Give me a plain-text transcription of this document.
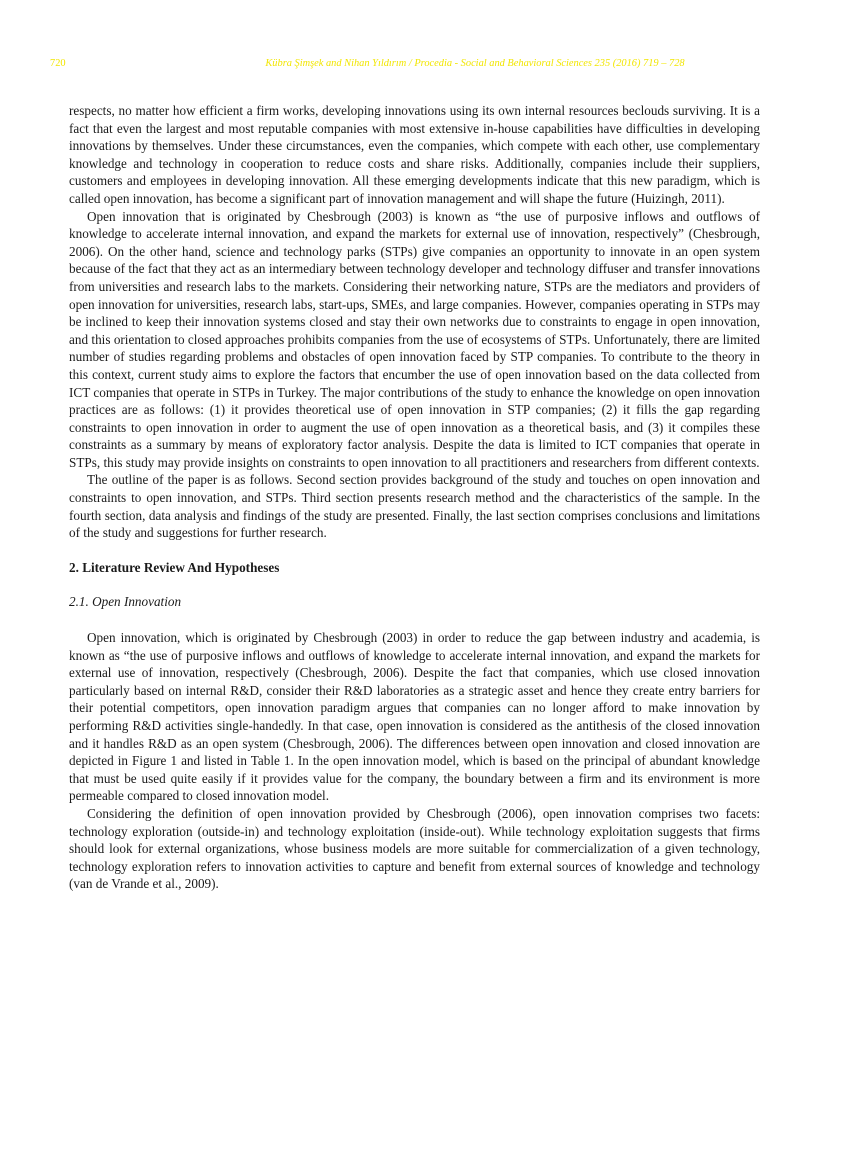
720	Kübra Şimşek and Nihan Yıldırım / Procedia - Social and Behavioral Sciences 235 (2016) 719 – 728

respects, no matter how efficient a firm works, developing innovations using its own internal resources beclouds surviving. It is a fact that even the largest and most reputable companies with most extensive in-house capabilities have difficulties in developing innovations by themselves. Under these circumstances, even the companies, which compete with each other, use complementary knowledge and technology in cooperation to reduce costs and share risks. Additionally, companies include their suppliers, customers and employees in developing innovation. All these emerging developments indicate that this new paradigm, which is called open innovation, has become a significant part of innovation management and will shape the future (Huizingh, 2011).

Open innovation that is originated by Chesbrough (2003) is known as “the use of purposive inflows and outflows of knowledge to accelerate internal innovation, and expand the markets for external use of innovation, respectively” (Chesbrough, 2006). On the other hand, science and technology parks (STPs) give companies an opportunity to innovate in an open system because of the fact that they act as an intermediary between technology developer and technology diffuser and transfer innovations from universities and research labs to the markets. Considering their networking nature, STPs are the mediators and providers of open innovation for universities, research labs, start-ups, SMEs, and large companies. However, companies operating in STPs may be inclined to keep their innovation systems closed and stay their own networks due to constraints to engage in open innovation, and this orientation to closed approaches prohibits companies from the use of ecosystems of STPs. Unfortunately, there are limited number of studies regarding problems and obstacles of open innovation faced by STP companies. To contribute to the theory in this context, current study aims to explore the factors that encumber the use of open innovation based on the data collected from ICT companies that operate in STPs in Turkey. The major contributions of the study to enhance the knowledge on open innovation practices are as follows: (1) it provides theoretical use of open innovation in STP companies; (2) it fills the gap regarding constraints to open innovation in order to augment the use of open innovation as a theoretical basis, and (3) it compiles these constraints as a summary by means of exploratory factor analysis. Despite the data is limited to ICT companies that operate in STPs, this study may provide insights on constraints to open innovation to all practitioners and researchers from different contexts.

The outline of the paper is as follows. Second section provides background of the study and touches on open innovation and constraints to open innovation, and STPs. Third section presents research method and the characteristics of the sample. In the fourth section, data analysis and findings of the study are presented. Finally, the last section comprises conclusions and limitations of the study and suggestions for further research.

2. Literature Review And Hypotheses
2.1. Open Innovation

Open innovation, which is originated by Chesbrough (2003) in order to reduce the gap between industry and academia, is known as “the use of purposive inflows and outflows of knowledge to accelerate internal innovation, and expand the markets for external use of innovation, respectively (Chesbrough, 2006). Despite the fact that companies, which use closed innovation particularly based on internal R&D, consider their R&D laboratories as a strategic asset and hence they create entry barriers for their potential competitors, open innovation paradigm argues that companies can no longer afford to make innovation by performing R&D activities single-handedly. In that case, open innovation is considered as the antithesis of the closed innovation and it handles R&D as an open system (Chesbrough, 2006). The differences between open innovation and closed innovation are depicted in Figure 1 and listed in Table 1. In the open innovation model, which is based on the principal of abundant knowledge that must be used quite easily if it provides value for the company, the boundary between a firm and its environment is more permeable compared to closed innovation model.

Considering the definition of open innovation provided by Chesbrough (2006), open innovation comprises two facets: technology exploration (outside-in) and technology exploitation (inside-out). While technology exploitation suggests that firms should look for external organizations, whose business models are more suitable for commercialization of a given technology, technology exploration refers to innovation activities to capture and benefit from external sources of knowledge and technology (van de Vrande et al., 2009).
